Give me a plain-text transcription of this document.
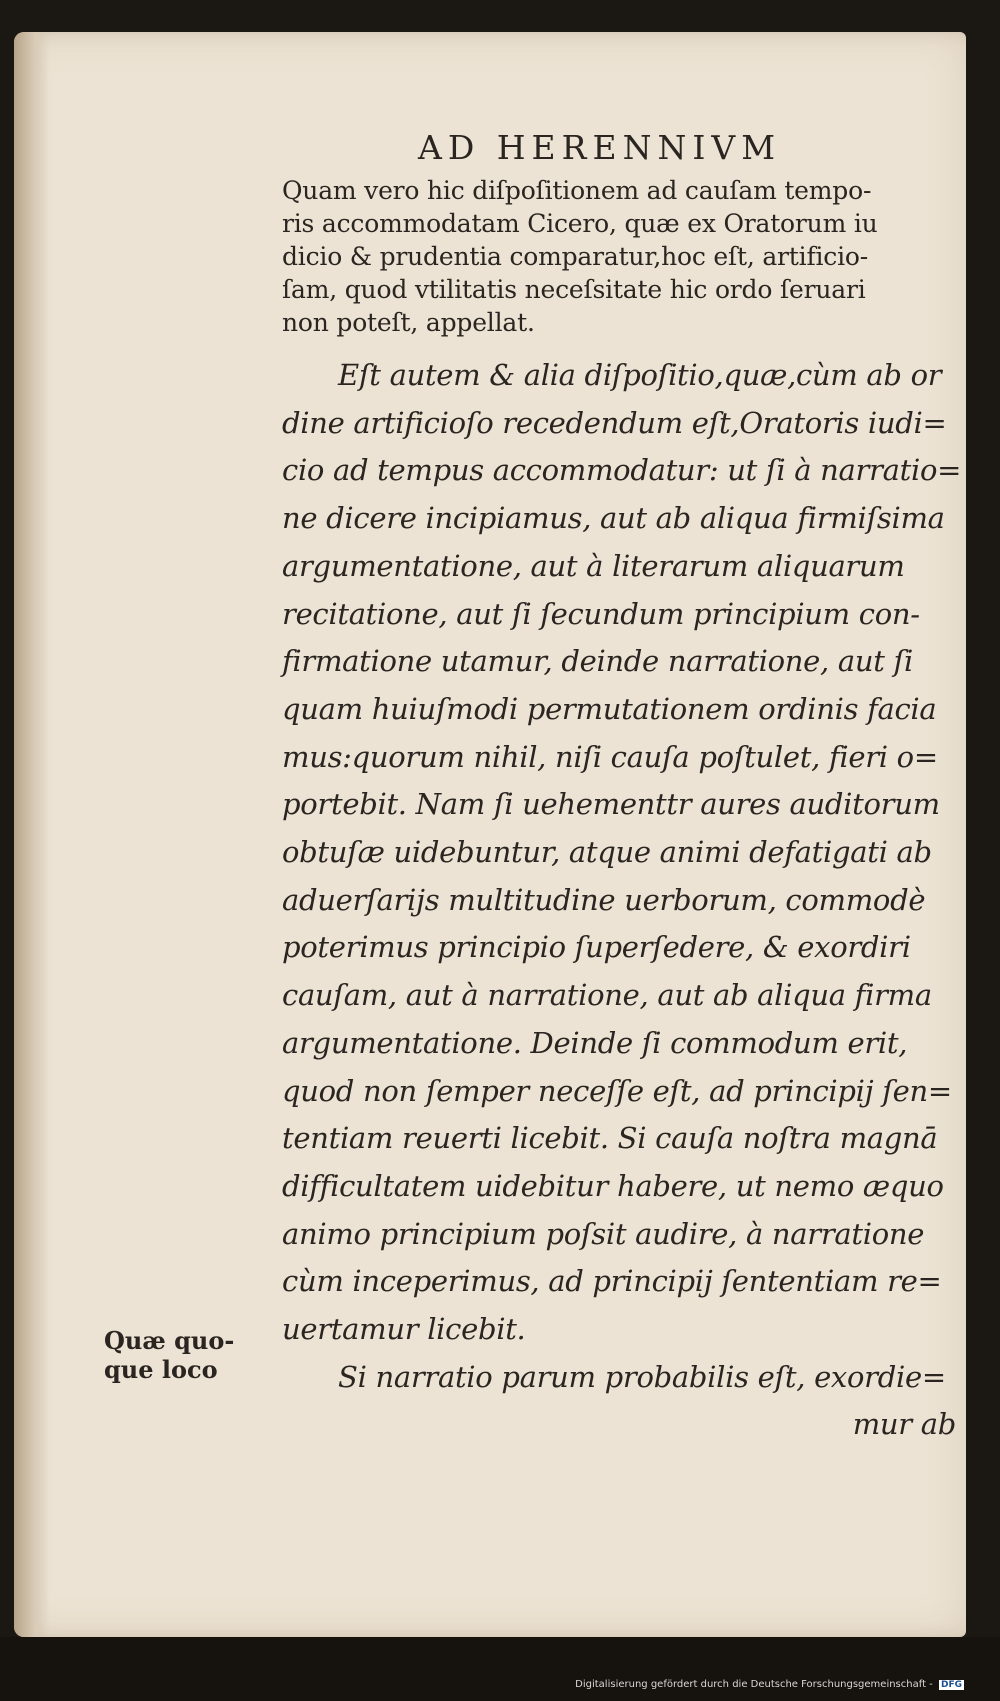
AD HERENNIVM
Quam vero hic diſpoſitionem ad cauſam tempo-
ris accommodatam Cicero, quæ ex Oratorum iu
dicio & prudentia comparatur,hoc eſt, artificio-
ſam, quod vtilitatis neceſsitate hic ordo ſeruari
non poteſt, appellat.
Eſt autem & alia diſpoſitio,quæ,cùm ab or
dine artificioſo recedendum eſt,Oratoris iudi=
cio ad tempus accommodatur: ut ſi à narratio=
ne dicere incipiamus, aut ab aliqua firmiſsima
argumentatione, aut à literarum aliquarum
recitatione, aut ſi ſecundum principium con-
firmatione utamur, deinde narratione, aut ſi
quam huiuſmodi permutationem ordinis facia
mus:quorum nihil, niſi cauſa poſtulet, fieri o=
portebit. Nam ſi uehementtr aures auditorum
obtuſæ uidebuntur, atque animi defatigati ab
aduerſarijs multitudine uerborum, commodè
poterimus principio ſuperſedere, & exordiri
cauſam, aut à narratione, aut ab aliqua firma
argumentatione. Deinde ſi commodum erit,
quod non ſemper neceſſe eſt, ad principij ſen=
tentiam reuerti licebit. Si cauſa noſtra magnā
difficultatem uidebitur habere, ut nemo æquo
animo principium poſsit audire, à narratione
cùm inceperimus, ad principij ſententiam re=
uertamur licebit.
Si narratio parum probabilis eſt, exordie=
mur ab
Quæ quo-
que loco
Digitalisierung gefördert durch die Deutsche Forschungsgemeinschaft - DFG
